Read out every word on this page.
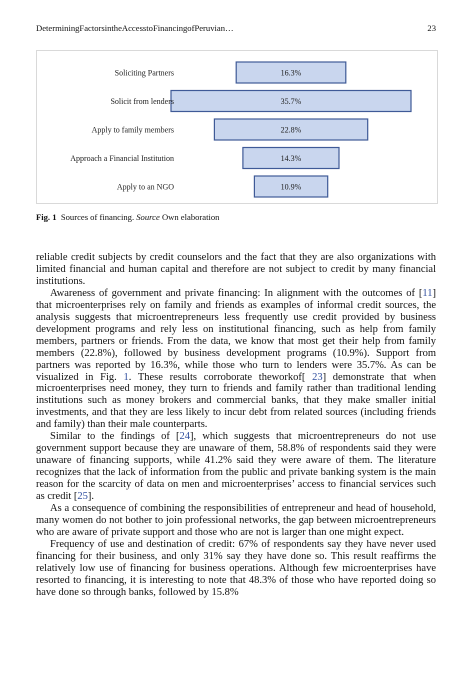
DeterminingFactorsintheAccesstoFinancingofPeruvian…	23
16.3%
Soliciting Partners
35.7%
Solicit from lenders
22.8%
Apply to family members
14.3%
Approach a Financial Institution
10.9%
Apply to an NGO
Fig. 1 Sources of financing. Source Own elaboration

reliable credit subjects by credit counselors and the fact that they are also organizations with limited financial and human capital and therefore are not subject to credit by many financial institutions.

Awareness of government and private financing: In alignment with the outcomes of [11] that microenterprises rely on family and friends as examples of informal credit sources, the analysis suggests that microentrepreneurs less frequently use credit provided by business development programs and rely less on institutional financing, such as help from family members, partners or friends. From the data, we know that most get their help from family members (22.8%), followed by business development programs (10.9%). Support from partners was reported by 16.3%, while those who turn to lenders were 35.7%. As can be visualized in Fig. 1. These results corroborate theworkof[ 23] demonstrate that when microenterprises need money, they turn to friends and family rather than traditional lending institutions such as money brokers and commercial banks, that they make smaller initial investments, and that they are less likely to incur debt from related sources (including friends and family) than their male counterparts.

Similar to the findings of [24], which suggests that microentrepreneurs do not use government support because they are unaware of them, 58.8% of respondents said they were unaware of financing supports, while 41.2% said they were aware of them. The literature recognizes that the lack of information from the public and private banking system is the main reason for the scarcity of data on men and microenterprises’ access to financial services such as credit [25].

As a consequence of combining the responsibilities of entrepreneur and head of household, many women do not bother to join professional networks, the gap between microentrepreneurs who are aware of private support and those who are not is larger than one might expect.

Frequency of use and destination of credit: 67% of respondents say they have never used financing for their business, and only 31% say they have done so. This result reaffirms the relatively low use of financing for business operations. Although few microenterprises have resorted to financing, it is interesting to note that 48.3% of those who have reported doing so have done so through banks, followed by 15.8%
